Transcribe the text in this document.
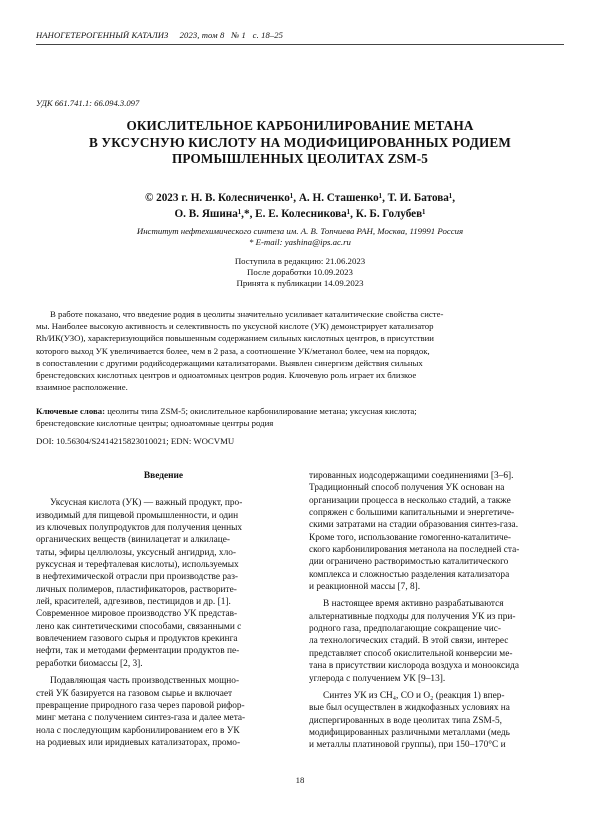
НАНОГЕТЕРОГЕННЫЙ КАТАЛИЗ 2023, том 8   № 1   с. 18–25
УДК 661.741.1: 66.094.3.097
ОКИСЛИТЕЛЬНОЕ КАРБОНИЛИРОВАНИЕ МЕТАНА
В УКСУСНУЮ КИСЛОТУ НА МОДИФИЦИРОВАННЫХ РОДИЕМ
ПРОМЫШЛЕННЫХ ЦЕОЛИТАХ ZSM-5
© 2023 г. Н. В. Колесниченко¹, А. Н. Сташенко¹, Т. И. Батова¹,
О. В. Яшина¹,*, Е. Е. Колесникова¹, К. Б. Голубев¹
Институт нефтехимического синтеза им. А. В. Топчиева РАН, Москва, 119991 Россия
* E-mail: yashina@ips.ac.ru
Поступила в редакцию: 21.06.2023
После доработки 10.09.2023
Принята к публикации 14.09.2023
В работе показано, что введение родия в цеолиты значительно усиливает каталитические свойства систе-
мы. Наиболее высокую активность и селективность по уксусной кислоте (УК) демонстрирует катализатор
Rh/ИК(УЗО), характеризующийся повышенным содержанием сильных кислотных центров, в присутствии
которого выход УК увеличивается более, чем в 2 раза, а соотношение УК/метанол более, чем на порядок,
в сопоставлении с другими родийсодержащими катализаторами. Выявлен синергизм действия сильных
бренстедовских кислотных центров и одноатомных центров родия. Ключевую роль играет их близкое
взаимное расположение.
Ключевые слова: цеолиты типа ZSM-5; окислительное карбонилирование метана; уксусная кислота;
бренстедовские кислотные центры; одноатомные центры родия
DOI: 10.56304/S2414215823010021; EDN: WOCVMU
Введение
Уксусная кислота (УК) — важный продукт, про-
изводимый для пищевой промышленности, и один
из ключевых полупродуктов для получения ценных
органических веществ (винилацетат и алкилаце-
таты, эфиры целлюлозы, уксусный ангидрид, хло-
руксусная и терефталевая кислоты), используемых
в нефтехимической отрасли при производстве раз-
личных полимеров, пластификаторов, растворите-
лей, красителей, адгезивов, пестицидов и др. [1].
Современное мировое производство УК представ-
лено как синтетическими способами, связанными с
вовлечением газового сырья и продуктов крекинга
нефти, так и методами ферментации продуктов пе-
реработки биомассы [2, 3].
Подавляющая часть производственных мощно-
стей УК базируется на газовом сырье и включает
превращение природного газа через паровой рифор-
минг метана с получением синтез-газа и далее мета-
нола с последующим карбонилированием его в УК
на родиевых или иридиевых катализаторах, промо-
тированных иодсодержащими соединениями [3–6].
Традиционный способ получения УК основан на
организации процесса в несколько стадий, а также
сопряжен с большими капитальными и энергетиче-
скими затратами на стадии образования синтез-газа.
Кроме того, использование гомогенно-каталитиче-
ского карбонилирования метанола на последней ста-
дии ограничено растворимостью каталитического
комплекса и сложностью разделения катализатора
и реакционной массы [7, 8].
В настоящее время активно разрабатываются
альтернативные подходы для получения УК из при-
родного газа, предполагающие сокращение чис-
ла технологических стадий. В этой связи, интерес
представляет способ окислительной конверсии ме-
тана в присутствии кислорода воздуха и монооксида
углерода с получением УК [9–13].
Синтез УК из CH₄, CO и O₂ (реакция 1) впер-
вые был осуществлен в жидкофазных условиях на
диспергированных в воде цеолитах типа ZSM-5,
модифицированных различными металлами (медь
и металлы платиновой группы), при 150–170°C и
18
